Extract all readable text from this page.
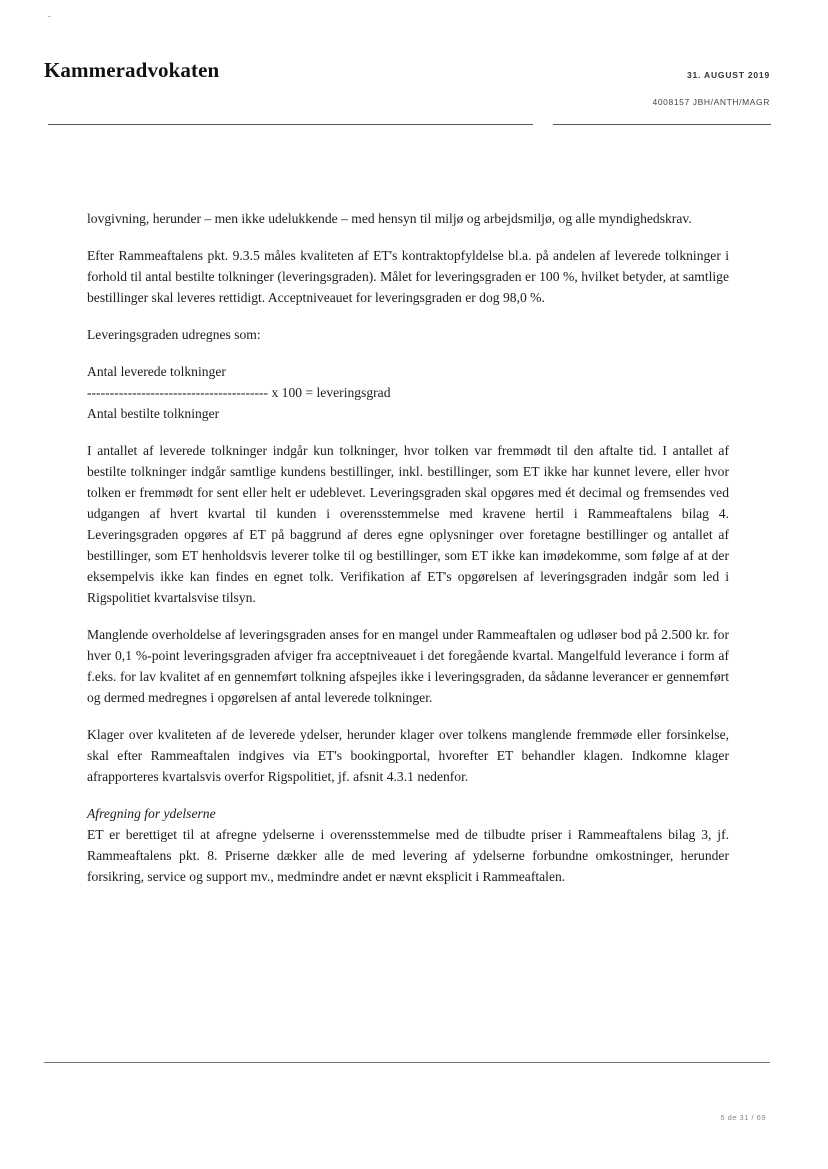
Kammeradvokaten	31. AUGUST 2019
4008157 JBH/ANTH/MAGR

lovgivning, herunder – men ikke udelukkende – med hensyn til miljø og arbejdsmiljø, og alle myndighedskrav.

Efter Rammeaftalens pkt. 9.3.5 måles kvaliteten af ET's kontraktopfyldelse bl.a. på andelen af leverede tolkninger i forhold til antal bestilte tolkninger (leveringsgraden). Målet for leveringsgraden er 100 %, hvilket betyder, at samtlige bestillinger skal leveres rettidigt. Acceptniveauet for leveringsgraden er dog 98,0 %.

Leveringsgraden udregnes som:

Antal leverede tolkninger
---------------------------------------- x 100 = leveringsgrad
Antal bestilte tolkninger

I antallet af leverede tolkninger indgår kun tolkninger, hvor tolken var fremmødt til den aftalte tid. I antallet af bestilte tolkninger indgår samtlige kundens bestillinger, inkl. bestillinger, som ET ikke har kunnet levere, eller hvor tolken er fremmødt for sent eller helt er udeblevet. Leveringsgraden skal opgøres med ét decimal og fremsendes ved udgangen af hvert kvartal til kunden i overensstemmelse med kravene hertil i Rammeaftalens bilag 4. Leveringsgraden opgøres af ET på baggrund af deres egne oplysninger over foretagne bestillinger og antallet af bestillinger, som ET henholdsvis leverer tolke til og bestillinger, som ET ikke kan imødekomme, som følge af at der eksempelvis ikke kan findes en egnet tolk. Verifikation af ET's opgørelsen af leveringsgraden indgår som led i Rigspolitiet kvartalsvise tilsyn.

Manglende overholdelse af leveringsgraden anses for en mangel under Rammeaftalen og udløser bod på 2.500 kr. for hver 0,1 %-point leveringsgraden afviger fra acceptniveauet i det foregående kvartal. Mangelfuld leverance i form af f.eks. for lav kvalitet af en gennemført tolkning afspejles ikke i leveringsgraden, da sådanne leverancer er gennemført og dermed medregnes i opgørelsen af antal leverede tolkninger.

Klager over kvaliteten af de leverede ydelser, herunder klager over tolkens manglende fremmøde eller forsinkelse, skal efter Rammeaftalen indgives via ET's bookingportal, hvorefter ET behandler klagen. Indkomne klager afrapporteres kvartalsvis overfor Rigspolitiet, jf. afsnit 4.3.1 nedenfor.

Afregning for ydelserne

ET er berettiget til at afregne ydelserne i overensstemmelse med de tilbudte priser i Rammeaftalens bilag 3, jf. Rammeaftalens pkt. 8. Priserne dækker alle de med levering af ydelserne forbundne omkostninger, herunder forsikring, service og support mv., medmindre andet er nævnt eksplicit i Rammeaftalen.

5 de 31 / 69
